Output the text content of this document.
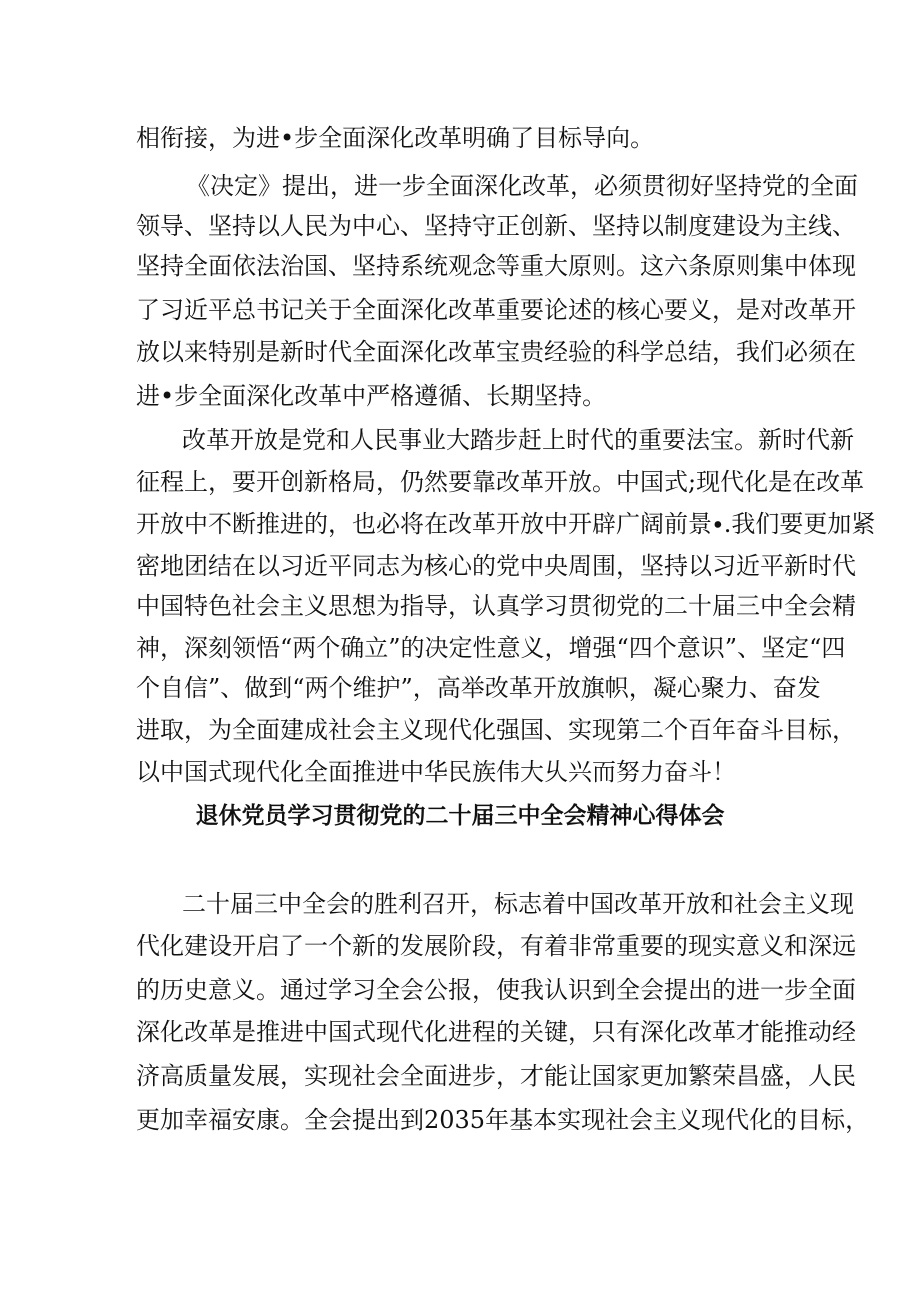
相衔接，为进•步全面深化改革明确了目标导向。
《决定》提出，进一步全面深化改革，必须贯彻好坚持党的全面
领导、坚持以人民为中心、坚持守正创新、坚持以制度建设为主线、
坚持全面依法治国、坚持系统观念等重大原则。这六条原则集中体现
了习近平总书记关于全面深化改革重要论述的核心要义，是对改革开
放以来特别是新时代全面深化改革宝贵经验的科学总结，我们必须在
进•步全面深化改革中严格遵循、长期坚持。
改革开放是党和人民事业大踏步赶上时代的重要法宝。新时代新
征程上，要开创新格局，仍然要靠改革开放。中国式;现代化是在改革
开放中不断推进的，也必将在改革开放中开辟广阔前景∙.我们要更加紧
密地团结在以习近平同志为核心的党中央周围，坚持以习近平新时代
中国特色社会主义思想为指导，认真学习贯彻党的二十届三中全会精
神，深刻领悟“两个确立”的决定性意义，增强“四个意识”、坚定“四
个自信”、做到“两个维护”，高举改革开放旗帜，凝心聚力、奋发
进取，为全面建成社会主义现代化强国、实现第二个百年奋斗目标，
以中国式现代化全面推进中华民族伟大乆兴而努力奋斗！
退休党员学习贯彻党的二十届三中全会精神心得体会
二十届三中全会的胜利召开，标志着中国改革开放和社会主义现
代化建设开启了一个新的发展阶段，有着非常重要的现实意义和深远
的历史意义。通过学习全会公报，使我认识到全会提出的进一步全面
深化改革是推进中国式现代化进程的关键，只有深化改革才能推动经
济高质量发展，实现社会全面进步，才能让国家更加繁荣昌盛，人民
更加幸福安康。全会提出到2035年基本实现社会主义现代化的目标，
